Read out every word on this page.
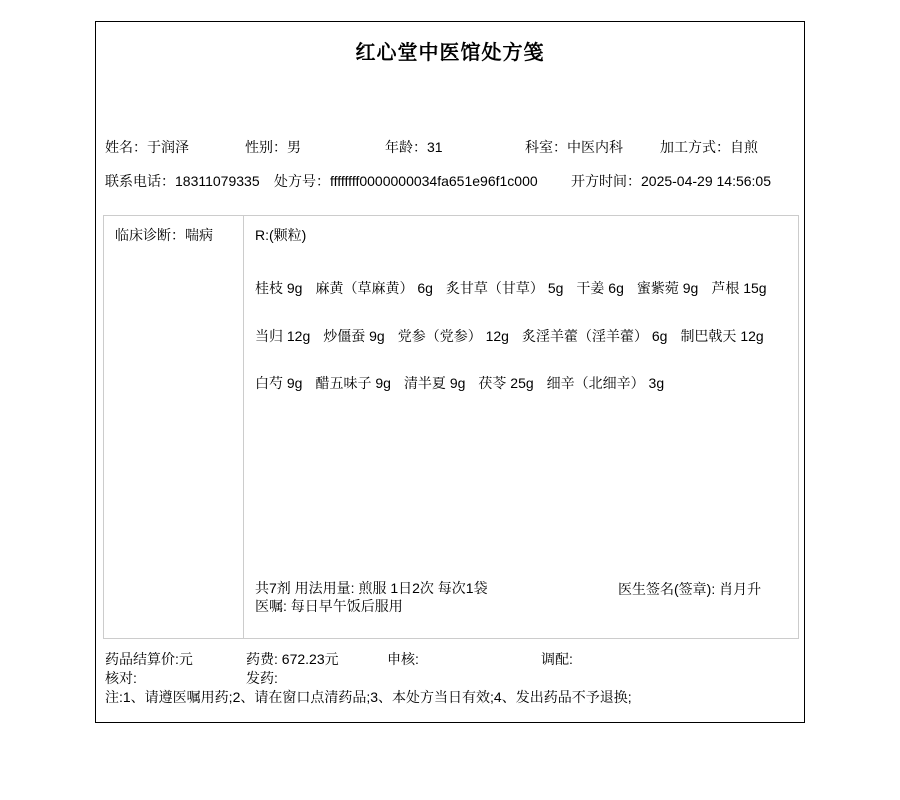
红心堂中医馆处方笺
姓名：于润泽	性别：男	年龄：31	科室：中医内科	加工方式：自煎
联系电话：18311079335 处方号：ffffffff0000000034fa651e96f1c000 开方时间：2025-04-29 14:56:05
临床诊断：喘病	R:(颗粒)
桂枝 9g 麻黄（草麻黄） 6g 炙甘草（甘草） 5g 干姜 6g 蜜紫菀 9g 芦根 15g
当归 12g 炒僵蚕 9g 党参（党参） 12g 炙淫羊藿（淫羊藿） 6g 制巴戟天 12g
白芍 9g 醋五味子 9g 清半夏 9g 茯苓 25g 细辛（北细辛） 3g
共7剂 用法用量: 煎服 1日2次 每次1袋
医嘱: 每日早午饭后服用
医生签名(签章): 肖月升
药品结算价:元	药费: 672.23元	申核:	调配:
核对:	发药:
注:1、请遵医嘱用药;2、请在窗口点清药品;3、本处方当日有效;4、发出药品不予退换;
